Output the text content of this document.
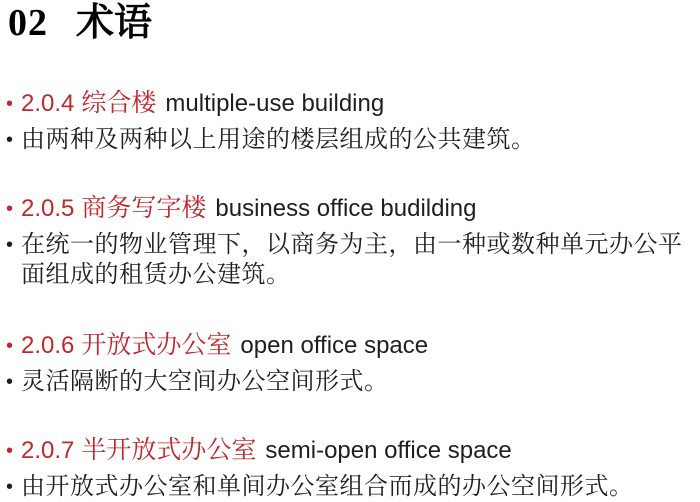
02 术语
• 2.0.4 综合楼 multiple-use building
• 由两种及两种以上用途的楼层组成的公共建筑。
• 2.0.5 商务写字楼 business office budilding
• 在统一的物业管理下，以商务为主，由一种或数种单元办公平面组成的租赁办公建筑。
• 2.0.6 开放式办公室 open office space
• 灵活隔断的大空间办公空间形式。
• 2.0.7 半开放式办公室 semi-open office space
• 由开放式办公室和单间办公室组合而成的办公空间形式。
